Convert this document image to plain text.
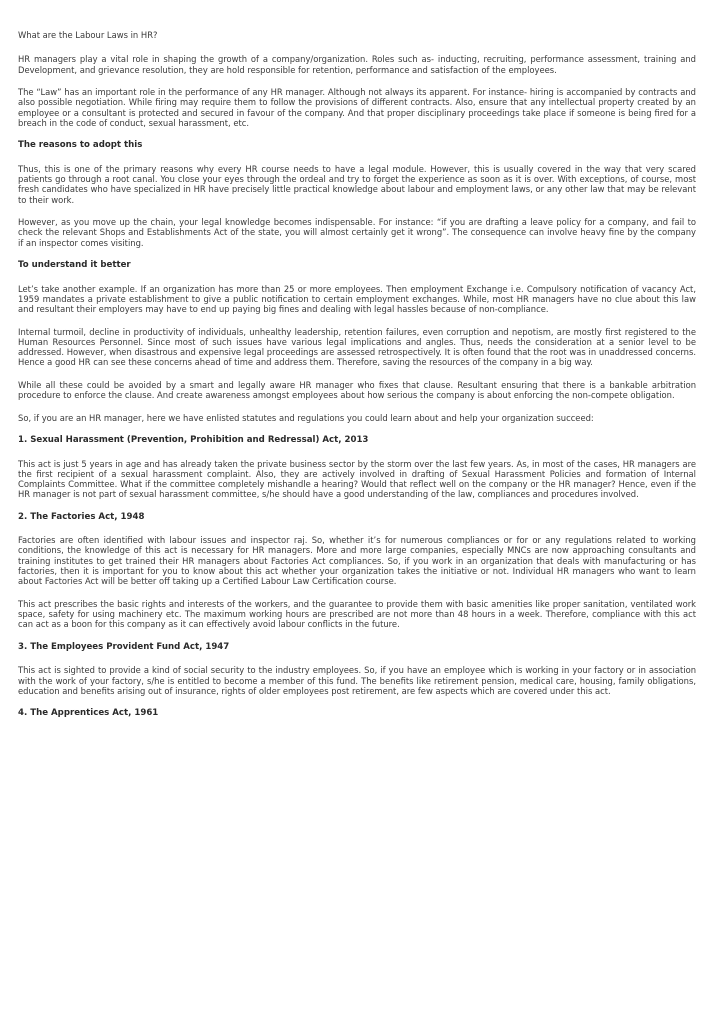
What are the Labour Laws in HR?

HR managers play a vital role in shaping the growth of a company/organization. Roles such as- inducting, recruiting, performance assessment, training and Development, and grievance resolution, they are hold responsible for retention, performance and satisfaction of the employees.

The “Law” has an important role in the performance of any HR manager. Although not always its apparent. For instance- hiring is accompanied by contracts and also possible negotiation. While firing may require them to follow the provisions of different contracts. Also, ensure that any intellectual property created by an employee or a consultant is protected and secured in favour of the company. And that proper disciplinary proceedings take place if someone is being fired for a breach in the code of conduct, sexual harassment, etc.

The reasons to adopt this

Thus, this is one of the primary reasons why every HR course needs to have a legal module. However, this is usually covered in the way that very scared patients go through a root canal. You close your eyes through the ordeal and try to forget the experience as soon as it is over. With exceptions, of course, most fresh candidates who have specialized in HR have precisely little practical knowledge about labour and employment laws, or any other law that may be relevant to their work.

However, as you move up the chain, your legal knowledge becomes indispensable. For instance: “if you are drafting a leave policy for a company, and fail to check the relevant Shops and Establishments Act of the state, you will almost certainly get it wrong”. The consequence can involve heavy fine by the company if an inspector comes visiting.

To understand it better

Let’s take another example. If an organization has more than 25 or more employees. Then employment Exchange i.e. Compulsory notification of vacancy Act, 1959 mandates a private establishment to give a public notification to certain employment exchanges. While, most HR managers have no clue about this law and resultant their employers may have to end up paying big fines and dealing with legal hassles because of non-compliance.

Internal turmoil, decline in productivity of individuals, unhealthy leadership, retention failures, even corruption and nepotism, are mostly first registered to the Human Resources Personnel. Since most of such issues have various legal implications and angles. Thus, needs the consideration at a senior level to be addressed. However, when disastrous and expensive legal proceedings are assessed retrospectively. It is often found that the root was in unaddressed concerns. Hence a good HR can see these concerns ahead of time and address them. Therefore, saving the resources of the company in a big way.

While all these could be avoided by a smart and legally aware HR manager who fixes that clause. Resultant ensuring that there is a bankable arbitration procedure to enforce the clause. And create awareness amongst employees about how serious the company is about enforcing the non-compete obligation.

So, if you are an HR manager, here we have enlisted statutes and regulations you could learn about and help your organization succeed:

1. Sexual Harassment (Prevention, Prohibition and Redressal) Act, 2013

This act is just 5 years in age and has already taken the private business sector by the storm over the last few years. As, in most of the cases, HR managers are the first recipient of a sexual harassment complaint. Also, they are actively involved in drafting of Sexual Harassment Policies and formation of Internal Complaints Committee. What if the committee completely mishandle a hearing? Would that reflect well on the company or the HR manager? Hence, even if the HR manager is not part of sexual harassment committee, s/he should have a good understanding of the law, compliances and procedures involved.

2. The Factories Act, 1948

Factories are often identified with labour issues and inspector raj. So, whether it’s for numerous compliances or for or any regulations related to working conditions, the knowledge of this act is necessary for HR managers. More and more large companies, especially MNCs are now approaching consultants and training institutes to get trained their HR managers about Factories Act compliances. So, if you work in an organization that deals with manufacturing or has factories, then it is important for you to know about this act whether your organization takes the initiative or not. Individual HR managers who want to learn about Factories Act will be better off taking up a Certified Labour Law Certification course.

This act prescribes the basic rights and interests of the workers, and the guarantee to provide them with basic amenities like proper sanitation, ventilated work space, safety for using machinery etc. The maximum working hours are prescribed are not more than 48 hours in a week. Therefore, compliance with this act can act as a boon for this company as it can effectively avoid labour conflicts in the future.

3. The Employees Provident Fund Act, 1947

This act is sighted to provide a kind of social security to the industry employees. So, if you have an employee which is working in your factory or in association with the work of your factory, s/he is entitled to become a member of this fund. The benefits like retirement pension, medical care, housing, family obligations, education and benefits arising out of insurance, rights of older employees post retirement, are few aspects which are covered under this act.

4. The Apprentices Act, 1961
